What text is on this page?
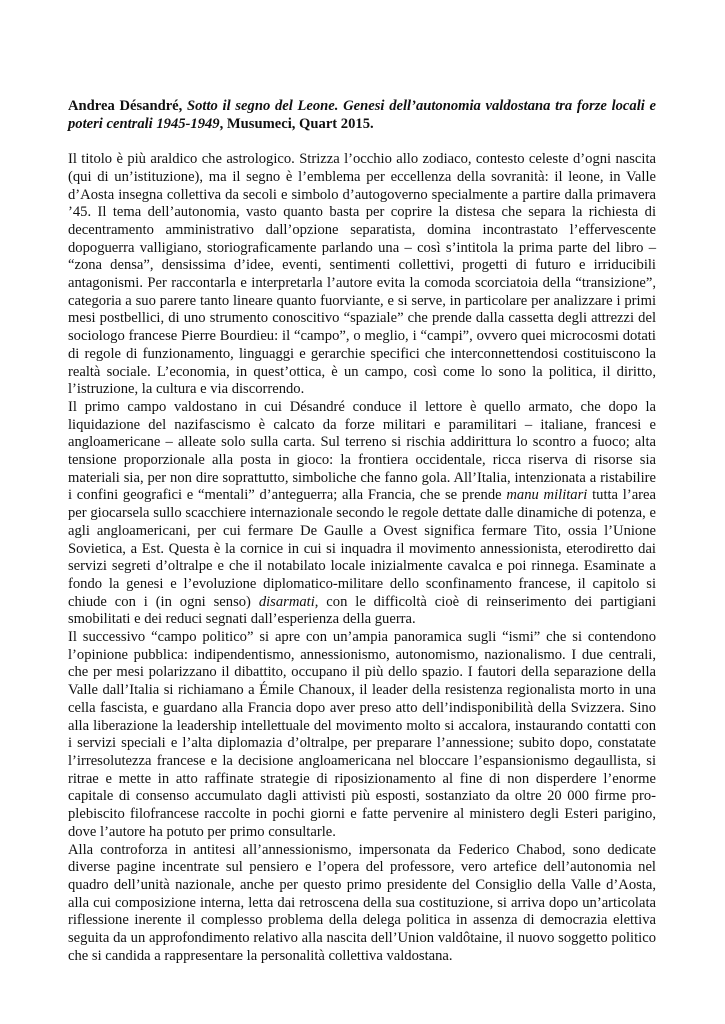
Andrea Désandré, Sotto il segno del Leone. Genesi dell’autonomia valdostana tra forze locali e poteri centrali 1945-1949, Musumeci, Quart 2015.

Il titolo è più araldico che astrologico. Strizza l’occhio allo zodiaco, contesto celeste d’ogni nascita (qui di un’istituzione), ma il segno è l’emblema per eccellenza della sovranità: il leone, in Valle d’Aosta insegna collettiva da secoli e simbolo d’autogoverno specialmente a partire dalla primavera ’45. Il tema dell’autonomia, vasto quanto basta per coprire la distesa che separa la richiesta di decentramento amministrativo dall’opzione separatista, domina incontrastato l’effervescente dopoguerra valligiano, storiograficamente parlando una – così s’intitola la prima parte del libro – “zona densa”, densissima d’idee, eventi, sentimenti collettivi, progetti di futuro e irriducibili antagonismi. Per raccontarla e interpretarla l’autore evita la comoda scorciatoia della “transizione”, categoria a suo parere tanto lineare quanto fuorviante, e si serve, in particolare per analizzare i primi mesi postbellici, di uno strumento conoscitivo “spaziale” che prende dalla cassetta degli attrezzi del sociologo francese Pierre Bourdieu: il “campo”, o meglio, i “campi”, ovvero quei microcosmi dotati di regole di funzionamento, linguaggi e gerarchie specifici che interconnettendosi costituiscono la realtà sociale. L’economia, in quest’ottica, è un campo, così come lo sono la politica, il diritto, l’istruzione, la cultura e via discorrendo.

Il primo campo valdostano in cui Désandré conduce il lettore è quello armato, che dopo la liquidazione del nazifascismo è calcato da forze militari e paramilitari – italiane, francesi e angloamericane – alleate solo sulla carta. Sul terreno si rischia addirittura lo scontro a fuoco; alta tensione proporzionale alla posta in gioco: la frontiera occidentale, ricca riserva di risorse sia materiali sia, per non dire soprattutto, simboliche che fanno gola. All’Italia, intenzionata a ristabilire i confini geografici e “mentali” d’anteguerra; alla Francia, che se prende manu militari tutta l’area per giocarsela sullo scacchiere internazionale secondo le regole dettate dalle dinamiche di potenza, e agli angloamericani, per cui fermare De Gaulle a Ovest significa fermare Tito, ossia l’Unione Sovietica, a Est. Questa è la cornice in cui si inquadra il movimento annessionista, eterodiretto dai servizi segreti d’oltralpe e che il notabilato locale inizialmente cavalca e poi rinnega. Esaminate a fondo la genesi e l’evoluzione diplomatico-militare dello sconfinamento francese, il capitolo si chiude con i (in ogni senso) disarmati, con le difficoltà cioè di reinserimento dei partigiani smobilitati e dei reduci segnati dall’esperienza della guerra.

Il successivo “campo politico” si apre con un’ampia panoramica sugli “ismi” che si contendono l’opinione pubblica: indipendentismo, annessionismo, autonomismo, nazionalismo. I due centrali, che per mesi polarizzano il dibattito, occupano il più dello spazio. I fautori della separazione della Valle dall’Italia si richiamano a Émile Chanoux, il leader della resistenza regionalista morto in una cella fascista, e guardano alla Francia dopo aver preso atto dell’indisponibilità della Svizzera. Sino alla liberazione la leadership intellettuale del movimento molto si accalora, instaurando contatti con i servizi speciali e l’alta diplomazia d’oltralpe, per preparare l’annessione; subito dopo, constatate l’irresolutezza francese e la decisione angloamericana nel bloccare l’espansionismo degaullista, si ritrae e mette in atto raffinate strategie di riposizionamento al fine di non disperdere l’enorme capitale di consenso accumulato dagli attivisti più esposti, sostanziato da oltre 20 000 firme pro-plebiscito filofrancese raccolte in pochi giorni e fatte pervenire al ministero degli Esteri parigino, dove l’autore ha potuto per primo consultarle.

Alla controforza in antitesi all’annessionismo, impersonata da Federico Chabod, sono dedicate diverse pagine incentrate sul pensiero e l’opera del professore, vero artefice dell’autonomia nel quadro dell’unità nazionale, anche per questo primo presidente del Consiglio della Valle d’Aosta, alla cui composizione interna, letta dai retroscena della sua costituzione, si arriva dopo un’articolata riflessione inerente il complesso problema della delega politica in assenza di democrazia elettiva seguita da un approfondimento relativo alla nascita dell’Union valdôtaine, il nuovo soggetto politico che si candida a rappresentare la personalità collettiva valdostana.
